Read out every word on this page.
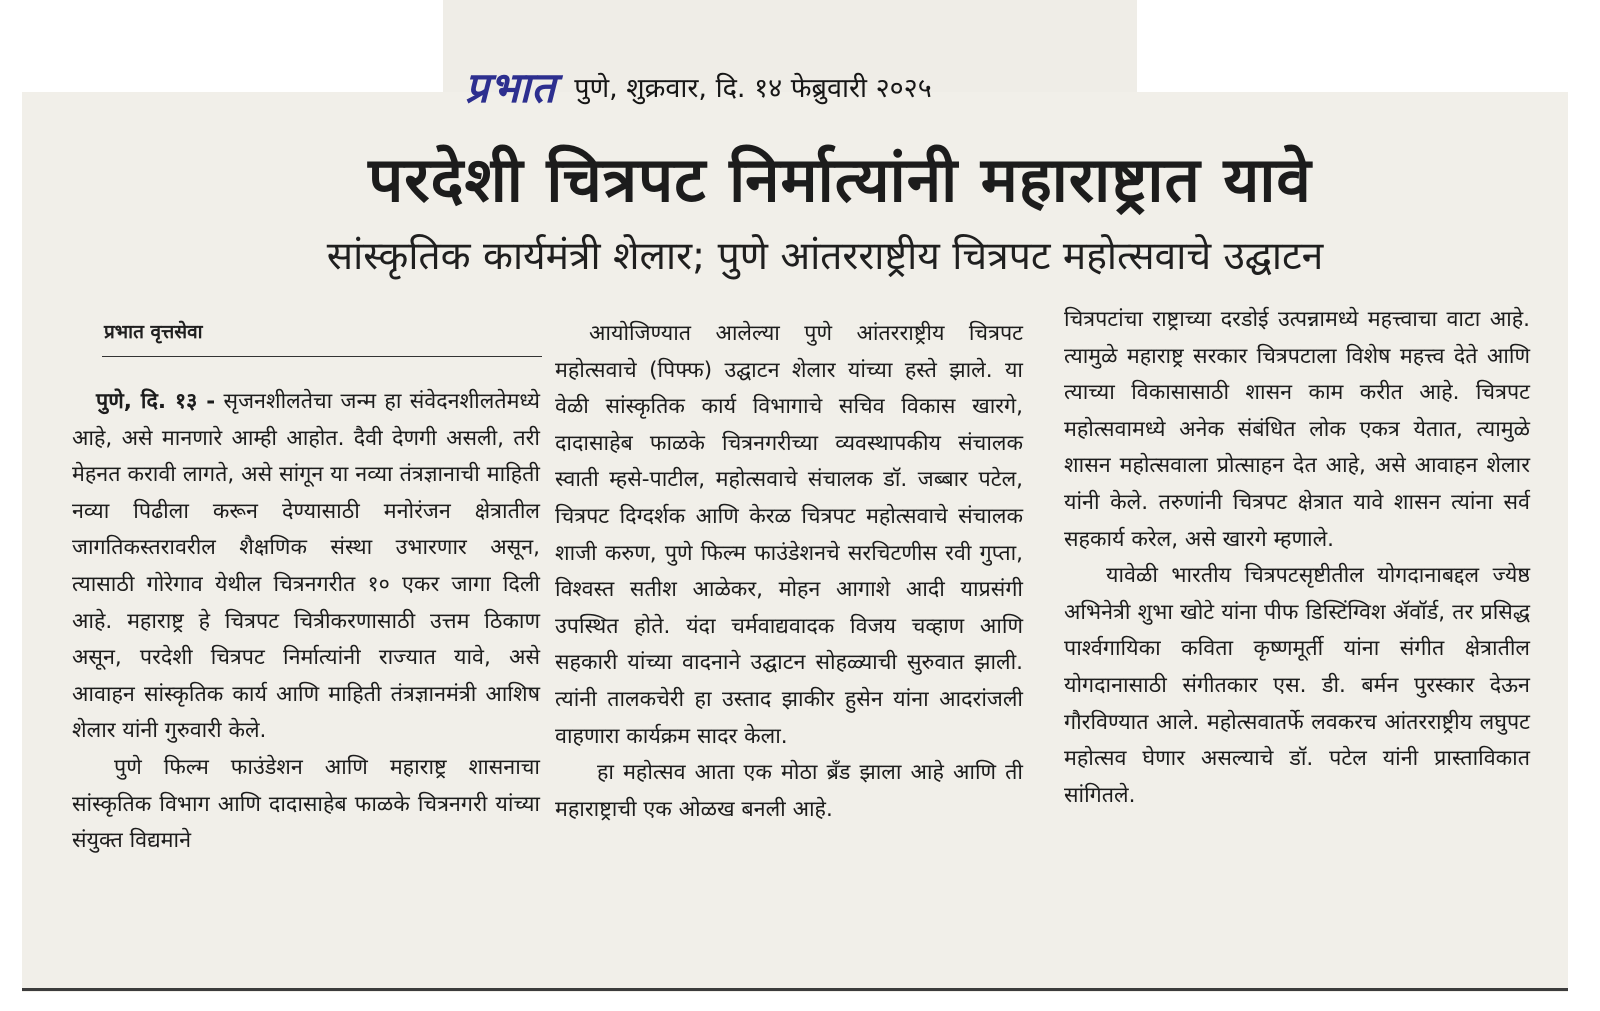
प्रभात पुणे, शुक्रवार, दि. १४ फेब्रुवारी २०२५
परदेशी चित्रपट निर्मात्यांनी महाराष्ट्रात यावे
सांस्कृतिक कार्यमंत्री शेलार; पुणे आंतरराष्ट्रीय चित्रपट महोत्सवाचे उद्घाटन
प्रभात वृत्तसेवा

पुणे, दि. १३ - सृजनशीलतेचा जन्म हा संवेदनशीलतेमध्ये आहे, असे मानणारे आम्ही आहोत. दैवी देणगी असली, तरी मेहनत करावी लागते, असे सांगून या नव्या तंत्रज्ञानाची माहिती नव्या पिढीला करून देण्यासाठी मनोरंजन क्षेत्रातील जागतिकस्तरावरील शैक्षणिक संस्था उभारणार असून, त्यासाठी गोरेगाव येथील चित्रनगरीत १० एकर जागा दिली आहे. महाराष्ट्र हे चित्रपट चित्रीकरणासाठी उत्तम ठिकाण असून, परदेशी चित्रपट निर्मात्यांनी राज्यात यावे, असे आवाहन सांस्कृतिक कार्य आणि माहिती तंत्रज्ञानमंत्री आशिष शेलार यांनी गुरुवारी केले.

पुणे फिल्म फाउंडेशन आणि महाराष्ट्र शासनाचा सांस्कृतिक विभाग आणि दादासाहेब फाळके चित्रनगरी यांच्या संयुक्त विद्यमाने

आयोजिण्यात आलेल्या पुणे आंतरराष्ट्रीय चित्रपट महोत्सवाचे (पिफ्फ) उद्घाटन शेलार यांच्या हस्ते झाले. या वेळी सांस्कृतिक कार्य विभागाचे सचिव विकास खारगे, दादासाहेब फाळके चित्रनगरीच्या व्यवस्थापकीय संचालक स्वाती म्हसे-पाटील, महोत्सवाचे संचालक डॉ. जब्बार पटेल, चित्रपट दिग्दर्शक आणि केरळ चित्रपट महोत्सवाचे संचालक शाजी करुण, पुणे फिल्म फाउंडेशनचे सरचिटणीस रवी गुप्ता, विश्वस्त सतीश आळेकर, मोहन आगाशे आदी याप्रसंगी उपस्थित होते. यंदा चर्मवाद्यवादक विजय चव्हाण आणि सहकारी यांच्या वादनाने उद्घाटन सोहळ्याची सुरुवात झाली. त्यांनी तालकचेरी हा उस्ताद झाकीर हुसेन यांना आदरांजली वाहणारा कार्यक्रम सादर केला.

हा महोत्सव आता एक मोठा ब्रँड झाला आहे आणि ती महाराष्ट्राची एक ओळख बनली आहे.

चित्रपटांचा राष्ट्राच्या दरडोई उत्पन्नामध्ये महत्त्वाचा वाटा आहे. त्यामुळे महाराष्ट्र सरकार चित्रपटाला विशेष महत्त्व देते आणि त्याच्या विकासासाठी शासन काम करीत आहे. चित्रपट महोत्सवामध्ये अनेक संबंधित लोक एकत्र येतात, त्यामुळे शासन महोत्सवाला प्रोत्साहन देत आहे, असे आवाहन शेलार यांनी केले. तरुणांनी चित्रपट क्षेत्रात यावे शासन त्यांना सर्व सहकार्य करेल, असे खारगे म्हणाले.

यावेळी भारतीय चित्रपटसृष्टीतील योगदानाबद्दल ज्येष्ठ अभिनेत्री शुभा खोटे यांना पीफ डिस्टिंग्विश ॲवॉर्ड, तर प्रसिद्ध पार्श्वगायिका कविता कृष्णमूर्ती यांना संगीत क्षेत्रातील योगदानासाठी संगीतकार एस. डी. बर्मन पुरस्कार देऊन गौरविण्यात आले. महोत्सवातर्फे लवकरच आंतरराष्ट्रीय लघुपट महोत्सव घेणार असल्याचे डॉ. पटेल यांनी प्रास्ताविकात सांगितले.
